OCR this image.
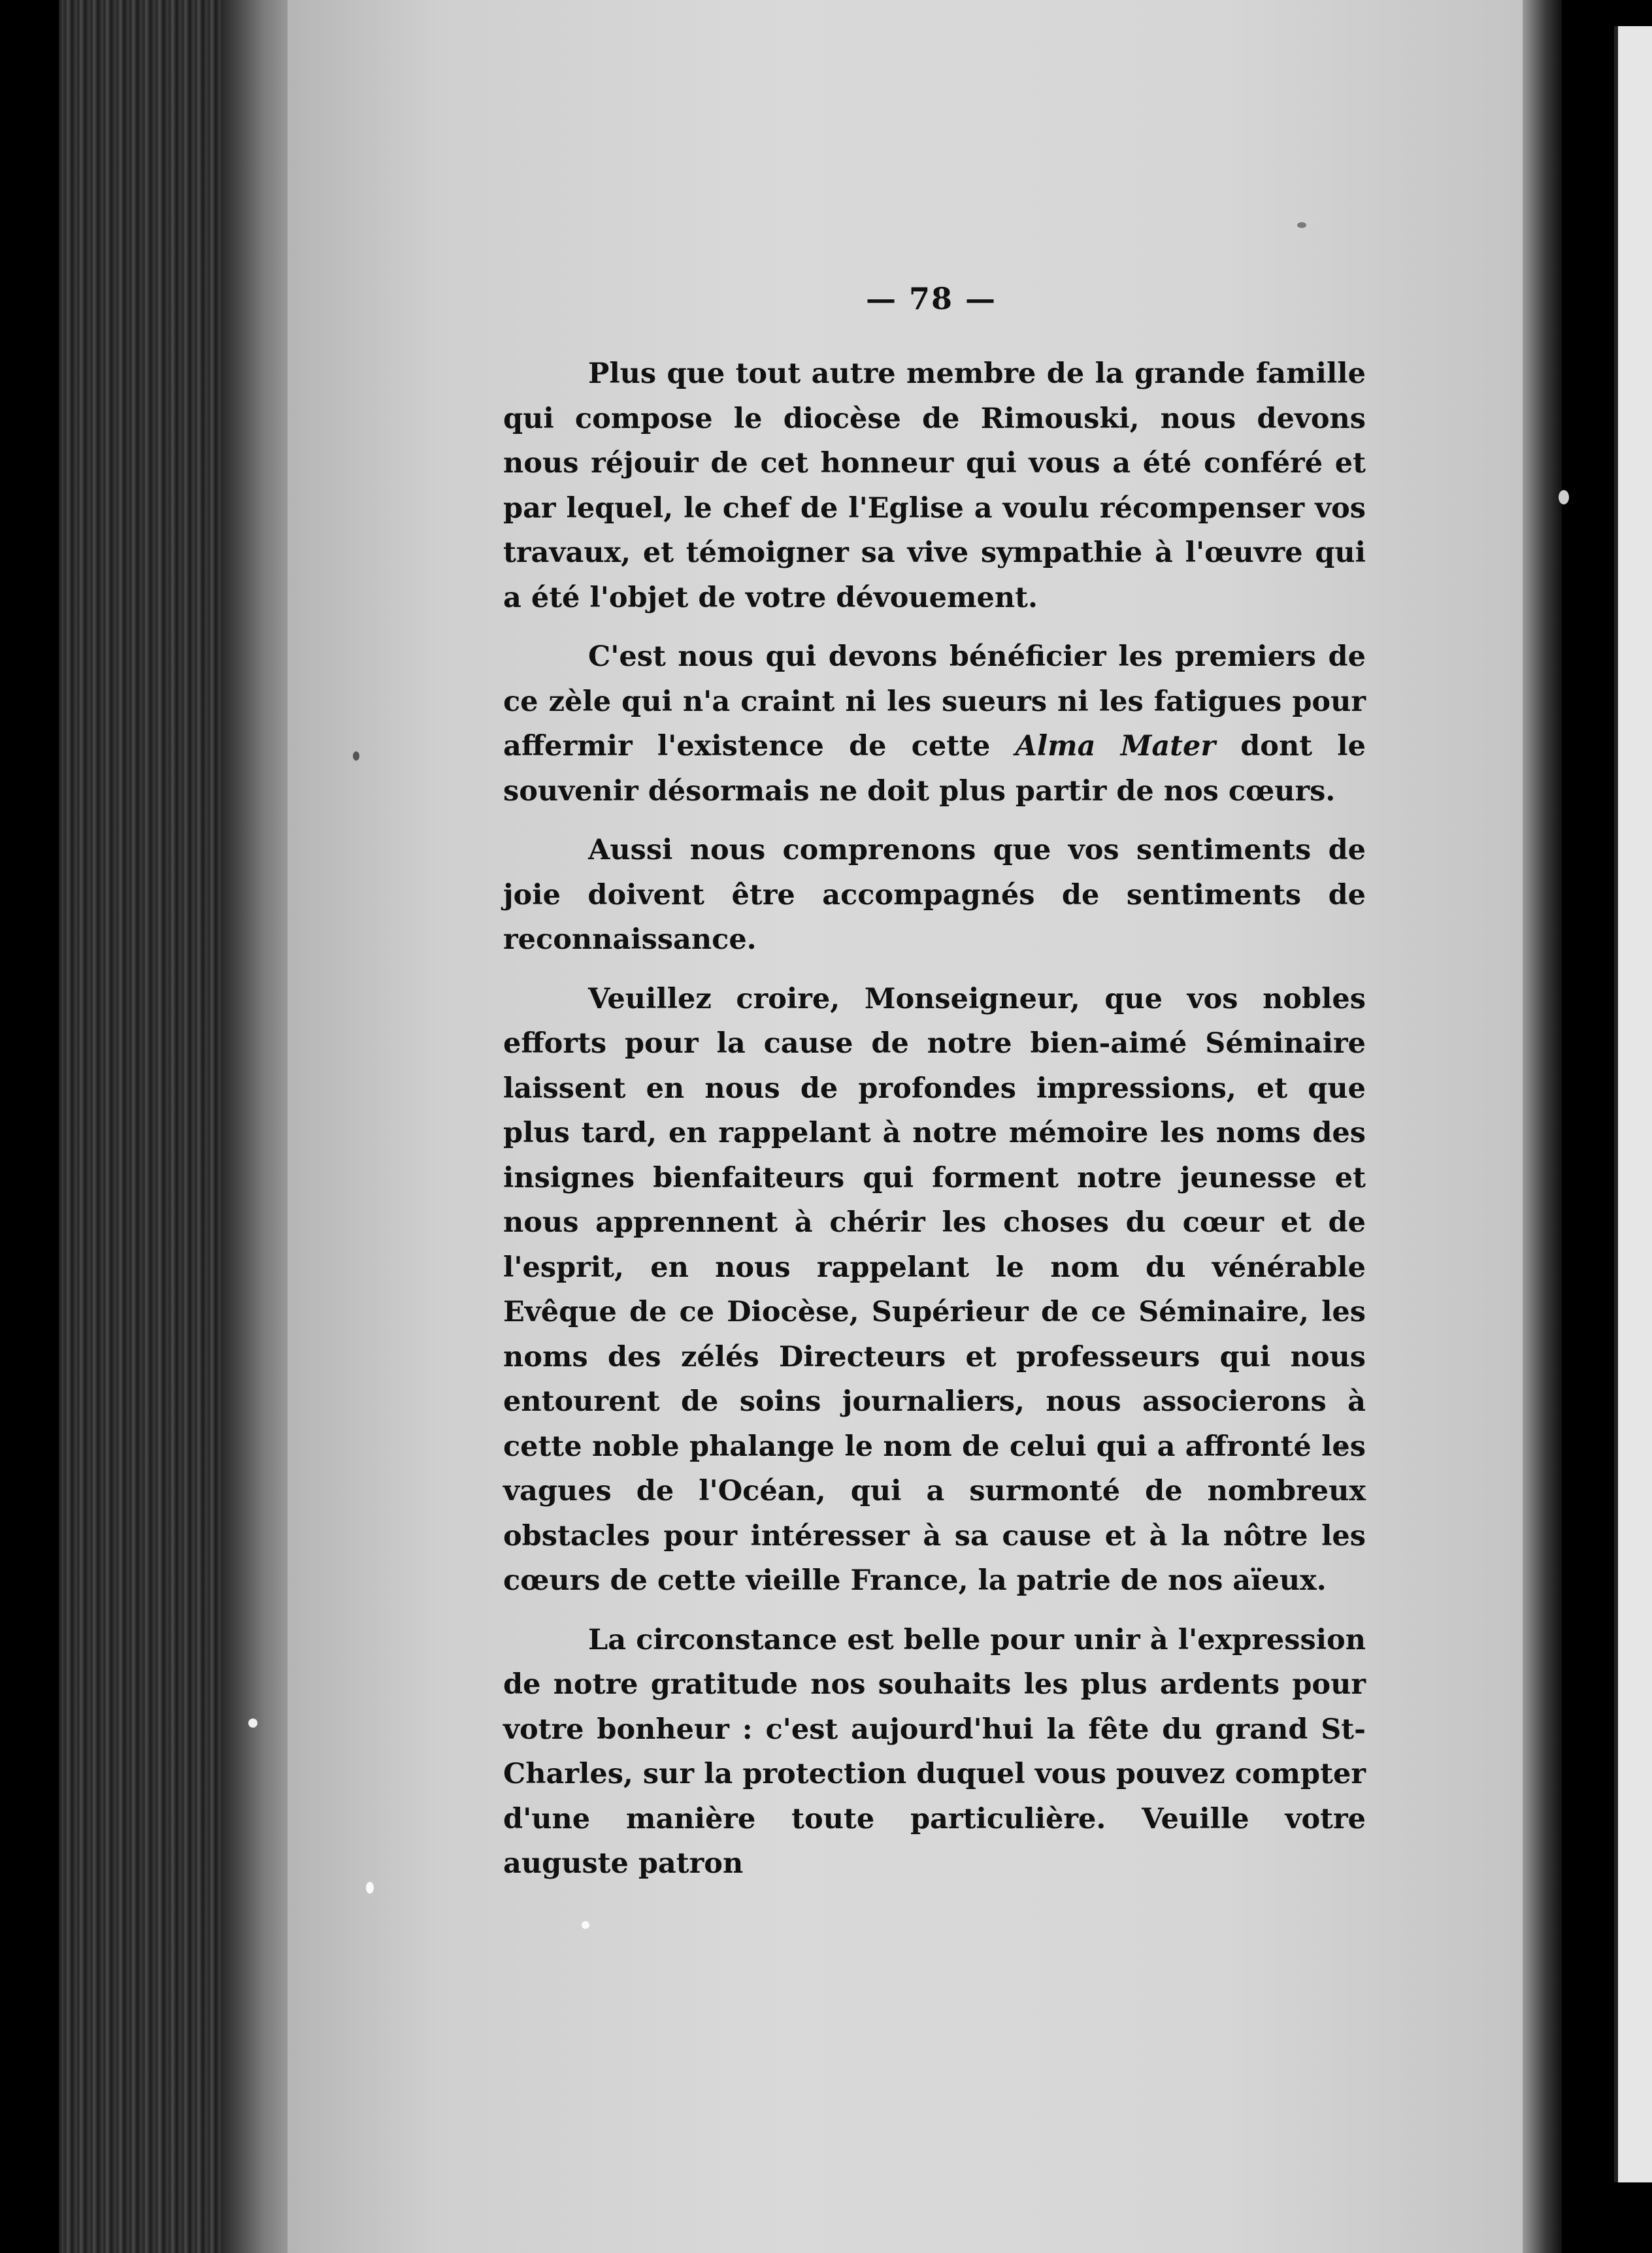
— 78 —

Plus que tout autre membre de la grande famille qui compose le diocèse de Rimouski, nous devons nous réjouir de cet honneur qui vous a été conféré et par lequel, le chef de l'Eglise a voulu récompenser vos travaux, et témoigner sa vive sympathie à l'œuvre qui a été l'objet de votre dévouement.

C'est nous qui devons bénéficier les premiers de ce zèle qui n'a craint ni les sueurs ni les fatigues pour affermir l'existence de cette Alma Mater dont le souvenir désormais ne doit plus partir de nos cœurs.

Aussi nous comprenons que vos sentiments de joie doivent être accompagnés de sentiments de reconnaissance.

Veuillez croire, Monseigneur, que vos nobles efforts pour la cause de notre bien-aimé Séminaire laissent en nous de profondes impressions, et que plus tard, en rappelant à notre mémoire les noms des insignes bienfaiteurs qui forment notre jeunesse et nous apprennent à chérir les choses du cœur et de l'esprit, en nous rappelant le nom du vénérable Evêque de ce Diocèse, Supérieur de ce Séminaire, les noms des zélés Directeurs et professeurs qui nous entourent de soins journaliers, nous associerons à cette noble phalange le nom de celui qui a affronté les vagues de l'Océan, qui a surmonté de nombreux obstacles pour intéresser à sa cause et à la nôtre les cœurs de cette vieille France, la patrie de nos aïeux.

La circonstance est belle pour unir à l'expression de notre gratitude nos souhaits les plus ardents pour votre bonheur : c'est aujourd'hui la fête du grand St-Charles, sur la protection duquel vous pouvez compter d'une manière toute particulière. Veuille votre auguste patron
